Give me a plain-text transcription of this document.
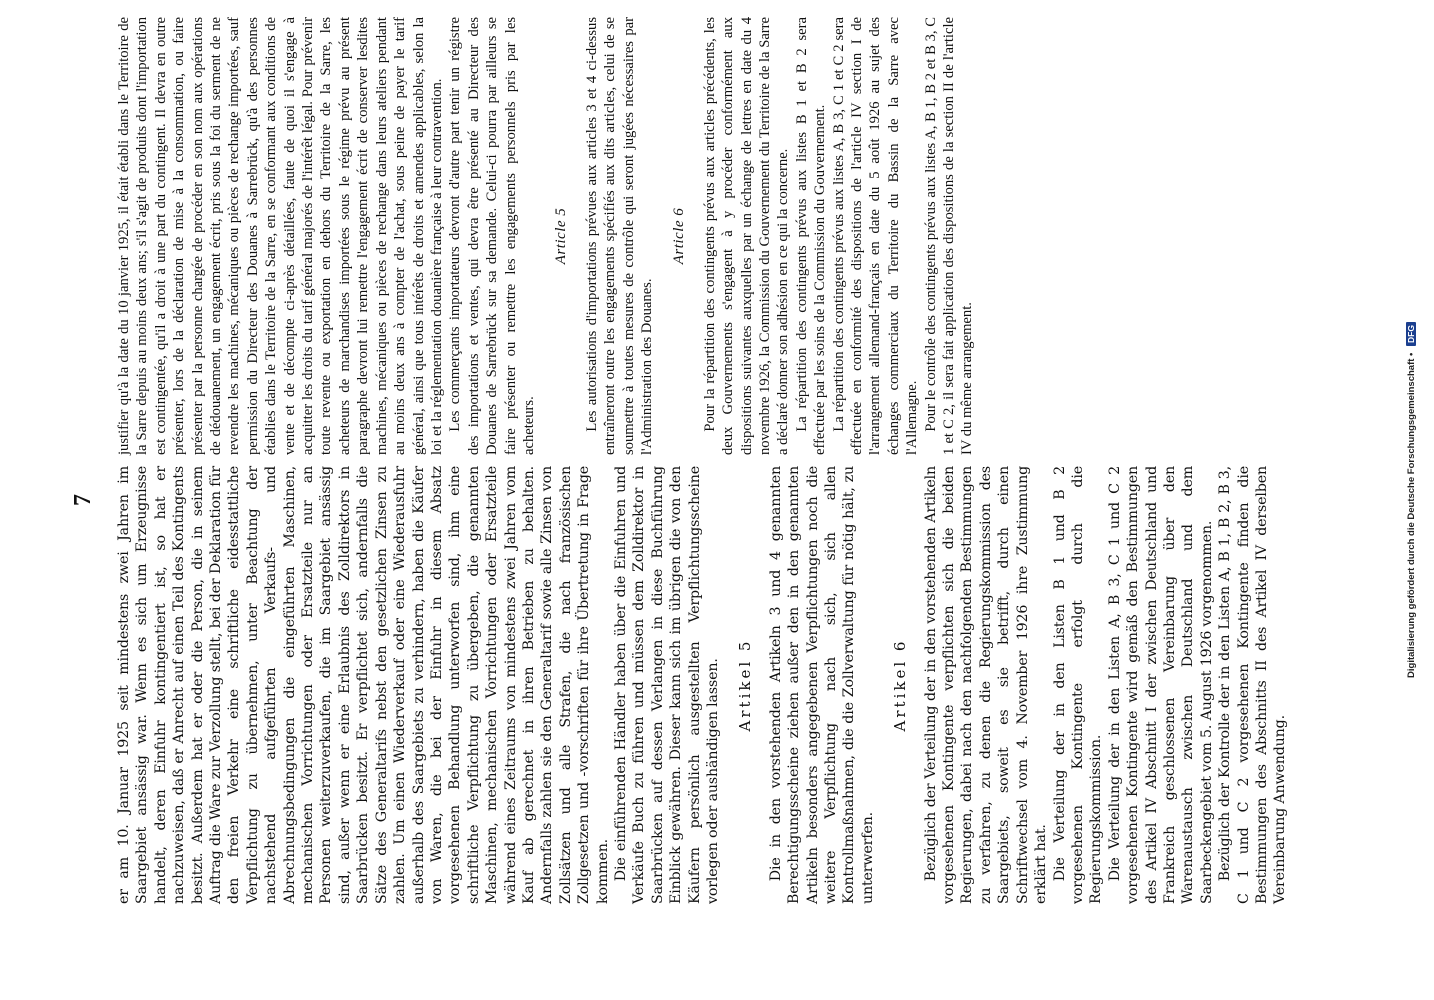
7 er am 10. Januar 1925 seit mindestens zwei Jahren im Saargebiet ansässig war. Wenn es sich um Erzeugnisse handelt, deren Einfuhr kontingentiert ist, so hat er nachzuweisen, daß er Anrecht auf einen Teil des Kontingents besitzt. Außerdem hat er oder die Person, die in seinem Auftrag die Ware zur Verzollung stellt, bei der Deklaration für den freien Verkehr eine schriftliche eidesstattliche Verpflichtung zu übernehmen, unter Beachtung der nachstehend aufgeführten Verkaufs- und Abrechnungsbedingungen die eingeführten Maschinen, mechanischen Vorrichtungen oder Ersatzteile nur an Personen weiterzuverkaufen, die im Saargebiet ansässig sind, außer wenn er eine Erlaubnis des Zolldirektors in Saarbrücken besitzt. Er verpflichtet sich, andernfalls die Sätze des Generaltarifs nebst den gesetzlichen Zinsen zu zahlen. Um einen Wiederverkauf oder eine Wiederausfuhr außerhalb des Saargebiets zu verhindern, haben die Käufer von Waren, die bei der Einfuhr in diesem Absatz vorgesehenen Behandlung unterworfen sind, ihm eine schriftliche Verpflichtung zu übergeben, die genannten Maschinen, mechanischen Vorrichtungen oder Ersatzteile während eines Zeitraums von mindestens zwei Jahren vom Kauf ab gerechnet in ihren Betrieben zu behalten. Andernfalls zahlen sie den Generaltarif sowie alle Zinsen von Zollsätzen und alle Strafen, die nach französischen Zollgesetzen und -vorschriften für ihre Übertretung in Frage kommen. Die einführenden Händler haben über die Einfuhren und Verkäufe Buch zu führen und müssen dem Zolldirektor in Saarbrücken auf dessen Verlangen in diese Buchführung Einblick gewähren. Dieser kann sich im übrigen die von den Käufern persönlich ausgestellten Verpflichtungsscheine vorlegen oder aushändigen lassen. Artikel 5 Die in den vorstehenden Artikeln 3 und 4 genannten Berechtigungsscheine ziehen außer den in den genannten Artikeln besonders angegebenen Verpflichtungen noch die weitere Verpflichtung nach sich, sich allen Kontrollmaßnahmen, die die Zollverwaltung für nötig hält, zu unterwerfen.

Artikel 6 Bezüglich der Verteilung der in den vorstehenden Artikeln vorgesehenen Kontingente verpflichten sich die beiden Regierungen, dabei nach den nachfolgenden Bestimmungen zu verfahren, zu denen die Regierungskommission des Saargebiets, soweit es sie betrifft, durch einen Schriftwechsel vom 4. November 1926 ihre Zustimmung erklärt hat. Die Verteilung der in den Listen B 1 und B 2 vorgesehenen Kontingente erfolgt durch die Regierungskommission. Die Verteilung der in den Listen A, B 3, C 1 und C 2 vorgesehenen Kontingente wird gemäß den Bestimmungen des Artikel IV Abschnitt I der zwischen Deutschland und Frankreich geschlossenen Vereinbarung über den Warenaustausch zwischen Deutschland und dem Saarbeckengebiet vom 5. August 1926 vorgenommen. Bezüglich der Kontrolle der in den Listen A, B 1, B 2, B 3, C 1 und C 2 vorgesehenen Kontingente finden die Bestimmungen des Abschnitts II des Artikel IV derselben Vereinbarung Anwendung.

justifier qu'à la date du 10 janvier 1925, il était établi dans le Territoire de la Sarre depuis au moins deux ans; s'il s'agit de produits dont l'importation est contingentée, qu'il a droit à une part du contingent. Il devra en outre présenter, lors de la déclaration de mise à la consommation, ou faire présenter par la personne chargée de procéder en son nom aux opérations de dédouanement, un engagement écrit, pris sous la foi du serment de ne revendre les machines, mécaniques ou pièces de rechange importées, sauf permission du Directeur des Douanes à Sarrebrück, qu'à des personnes établies dans le Territoire de la Sarre, en se conformant aux conditions de vente et de décompte ci-après détaillées, faute de quoi il s'engage à acquitter les droits du tarif général majorés de l'intérêt légal. Pour prévenir toute revente ou exportation en dehors du Territoire de la Sarre, les acheteurs de marchandises importées sous le régime prévu au présent paragraphe devront lui remettre l'engagement écrit de conserver lesdites machines, mécaniques ou pièces de rechange dans leurs ateliers pendant au moins deux ans à compter de l'achat, sous peine de payer le tarif général, ainsi que tous intérêts de droits et amendes applicables, selon la loi et la réglementation douanière française à leur contravention. Les commerçants importateurs devront d'autre part tenir un régistre des importations et ventes, qui devra être présenté au Directeur des Douanes de Sarrebrück sur sa demande. Celui-ci pourra par ailleurs se faire présenter ou remettre les engagements personnels pris par les acheteurs.

Article 5 Les autorisations d'importations prévues aux articles 3 et 4 ci-dessus entraîneront outre les engagements spécifiés aux dits articles, celui de se soumettre à toutes mesures de contrôle qui seront jugées nécessaires par l'Administration des Douanes.

Article 6 Pour la répartition des contingents prévus aux articles précédents, les deux Gouvernements s'engagent à y procéder conformément aux dispositions suivantes auxquelles par un échange de lettres en date du 4 novembre 1926, la Commission du Gouvernement du Territoire de la Sarre a déclaré donner son adhésion en ce qui la concerne. La répartition des contingents prévus aux listes B 1 et B 2 sera effectuée par les soins de la Commission du Gouvernement. La répartition des contingents prévus aux listes A, B 3, C 1 et C 2 sera effectuée en conformité des dispositions de l'article IV section I de l'arrangement allemand-français en date du 5 août 1926 au sujet des échanges commerciaux du Territoire du Bassin de la Sarre avec l'Allemagne. Pour le contrôle des contingents prévus aux listes A, B 1, B 2 et B 3, C 1 et C 2, il sera fait application des dispositions de la section II de l'article IV du même arrangement.	Digitalisierung gefördert durch die Deutsche Forschungsgemeinschaft • DFG
